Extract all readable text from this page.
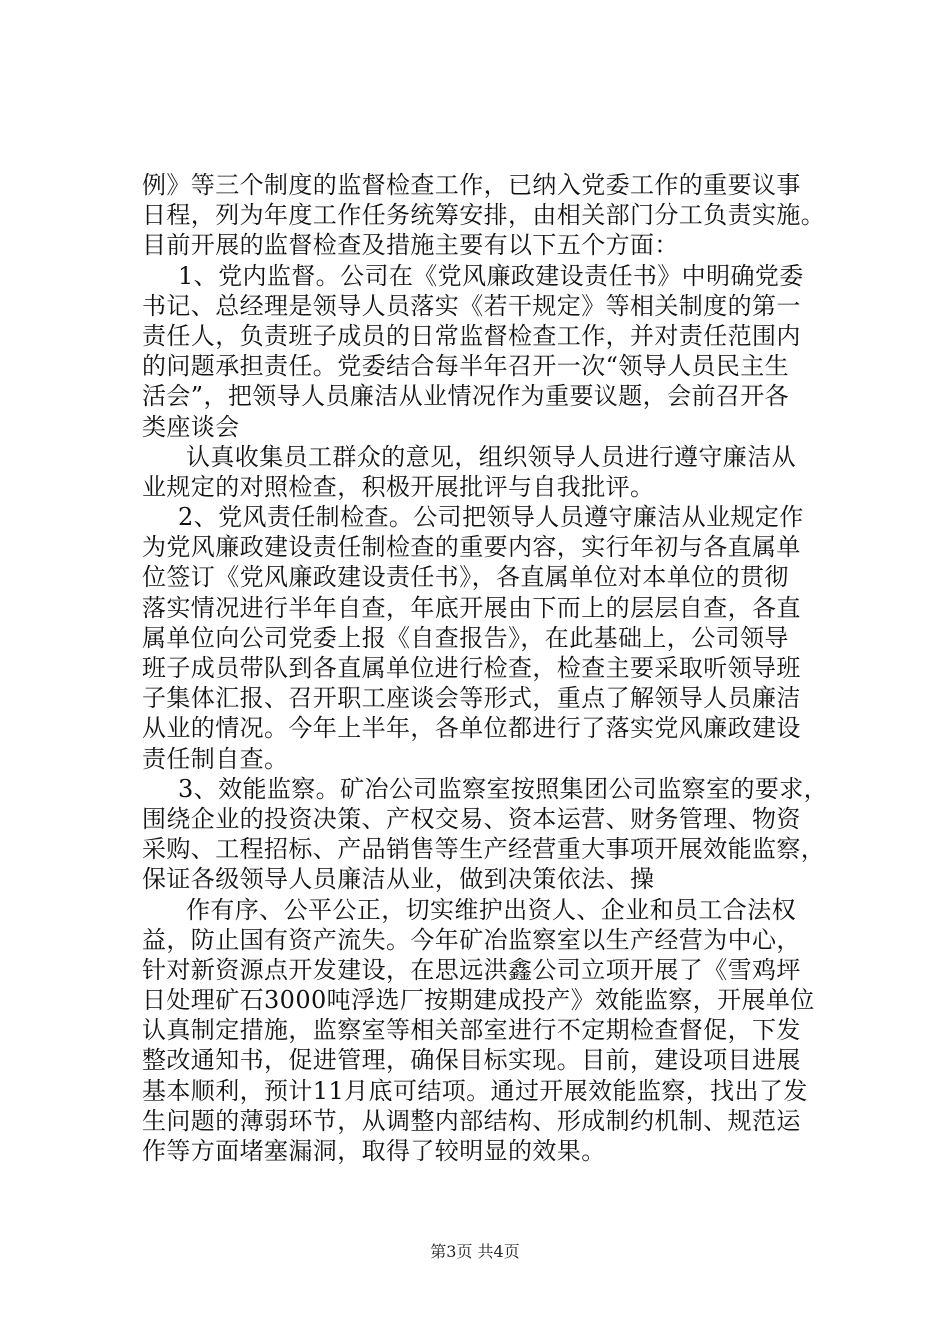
例》等三个制度的监督检查工作，已纳入党委工作的重要议事
日程，列为年度工作任务统筹安排，由相关部门分工负责实施。
目前开展的监督检查及措施主要有以下五个方面：
1、党内监督。公司在《党风廉政建设责任书》中明确党委
书记、总经理是领导人员落实《若干规定》等相关制度的第一
责任人，负责班子成员的日常监督检查工作，并对责任范围内
的问题承担责任。党委结合每半年召开一次“领导人员民主生
活会”，把领导人员廉洁从业情况作为重要议题，会前召开各
类座谈会
认真收集员工群众的意见，组织领导人员进行遵守廉洁从
业规定的对照检查，积极开展批评与自我批评。
2、党风责任制检查。公司把领导人员遵守廉洁从业规定作
为党风廉政建设责任制检查的重要内容，实行年初与各直属单
位签订《党风廉政建设责任书》，各直属单位对本单位的贯彻
落实情况进行半年自查，年底开展由下而上的层层自查，各直
属单位向公司党委上报《自查报告》，在此基础上，公司领导
班子成员带队到各直属单位进行检查，检查主要采取听领导班
子集体汇报、召开职工座谈会等形式，重点了解领导人员廉洁
从业的情况。今年上半年，各单位都进行了落实党风廉政建设
责任制自查。
3、效能监察。矿冶公司监察室按照集团公司监察室的要求，
围绕企业的投资决策、产权交易、资本运营、财务管理、物资
采购、工程招标、产品销售等生产经营重大事项开展效能监察，
保证各级领导人员廉洁从业，做到决策依法、操
作有序、公平公正，切实维护出资人、企业和员工合法权
益，防止国有资产流失。今年矿冶监察室以生产经营为中心，
针对新资源点开发建设，在思远洪鑫公司立项开展了《雪鸡坪
日处理矿石3000吨浮选厂按期建成投产》效能监察，开展单位
认真制定措施，监察室等相关部室进行不定期检查督促，下发
整改通知书，促进管理，确保目标实现。目前，建设项目进展
基本顺利，预计11月底可结项。通过开展效能监察，找出了发
生问题的薄弱环节，从调整内部结构、形成制约机制、规范运
作等方面堵塞漏洞，取得了较明显的效果。
第3页 共4页
